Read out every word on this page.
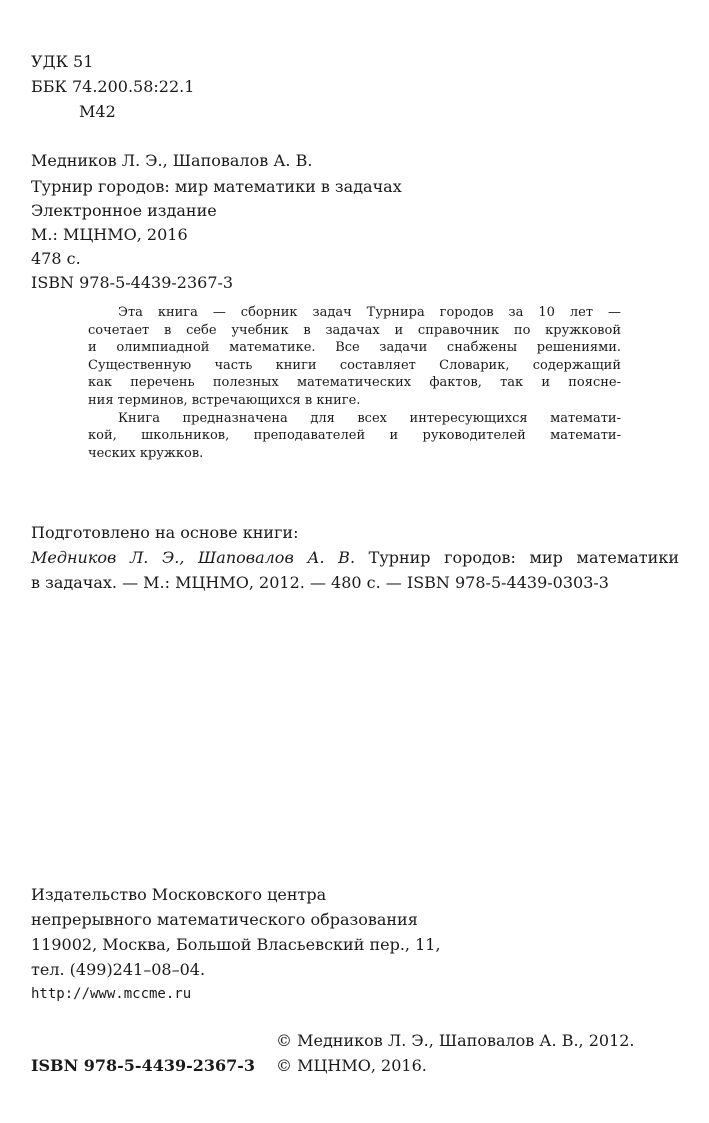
УДК 51
ББК 74.200.58:22.1
М42
Медников Л. Э., Шаповалов А. В.
Турнир городов: мир математики в задачах
Электронное издание
М.: МЦНМО, 2016
478 с.
ISBN 978-5-4439-2367-3
Эта книга — сборник задач Турнира городов за 10 лет —
сочетает в себе учебник в задачах и справочник по кружковой
и олимпиадной математике. Все задачи снабжены решениями.
Существенную часть книги составляет Словарик, содержащий
как перечень полезных математических фактов, так и поясне-
ния терминов, встречающихся в книге.
Книга предназначена для всех интересующихся математи-
кой, школьников, преподавателей и руководителей математи-
ческих кружков.
Подготовлено на основе книги:
Медников Л. Э., Шаповалов А. В. Турнир городов: мир математики
в задачах. — М.: МЦНМО, 2012. — 480 с. — ISBN 978-5-4439-0303-3
Издательство Московского центра
непрерывного математического образования
119002, Москва, Большой Власьевский пер., 11,
тел. (499)241–08–04.
http://www.mccme.ru
© Медников Л. Э., Шаповалов А. В., 2012.
ISBN 978-5-4439-2367-3 © МЦНМО, 2016.
